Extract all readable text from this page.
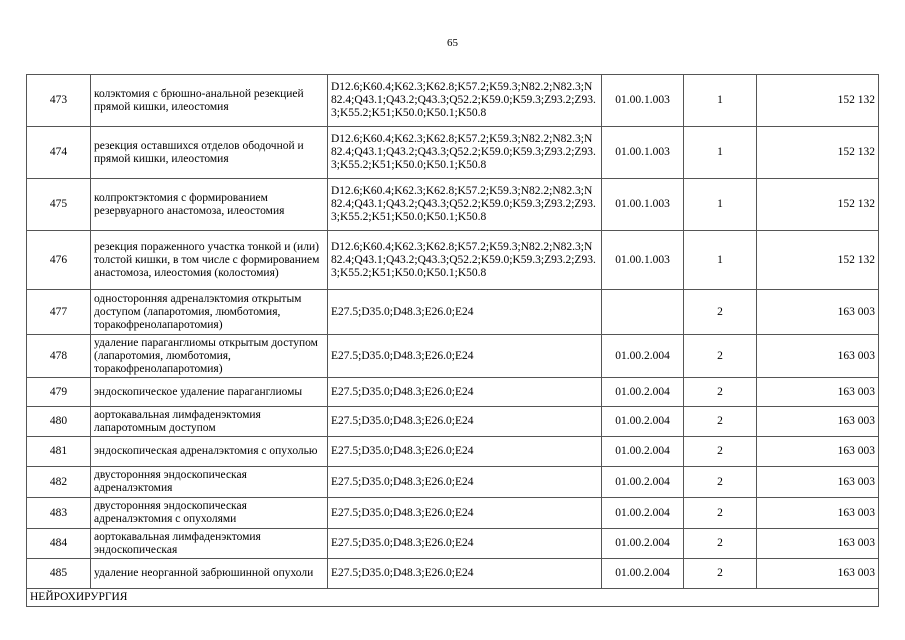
65
473	колэктомия с брюшно-анальной резекцией прямой кишки, илеостомия	D12.6;K60.4;K62.3;K62.8;K57.2;K59.3;N82.2;N82.3;N82.4;Q43.1;Q43.2;Q43.3;Q52.2;K59.0;K59.3;Z93.2;Z93.3;K55.2;K51;K50.0;K50.1;K50.8	01.00.1.003	1	152 132
474	резекция оставшихся отделов ободочной и прямой кишки, илеостомия	D12.6;K60.4;K62.3;K62.8;K57.2;K59.3;N82.2;N82.3;N82.4;Q43.1;Q43.2;Q43.3;Q52.2;K59.0;K59.3;Z93.2;Z93.3;K55.2;K51;K50.0;K50.1;K50.8	01.00.1.003	1	152 132
475	колпроктэктомия с формированием резервуарного анастомоза, илеостомия	D12.6;K60.4;K62.3;K62.8;K57.2;K59.3;N82.2;N82.3;N82.4;Q43.1;Q43.2;Q43.3;Q52.2;K59.0;K59.3;Z93.2;Z93.3;K55.2;K51;K50.0;K50.1;K50.8	01.00.1.003	1	152 132
476	резекция пораженного участка тонкой и (или) толстой кишки, в том числе с формированием анастомоза, илеостомия (колостомия)	D12.6;K60.4;K62.3;K62.8;K57.2;K59.3;N82.2;N82.3;N82.4;Q43.1;Q43.2;Q43.3;Q52.2;K59.0;K59.3;Z93.2;Z93.3;K55.2;K51;K50.0;K50.1;K50.8	01.00.1.003	1	152 132
477	односторонняя адреналэктомия открытым доступом (лапаротомия, люмботомия, торакофренолапаротомия)	E27.5;D35.0;D48.3;E26.0;E24		2	163 003
478	удаление параганглиомы открытым доступом (лапаротомия, люмботомия, торакофренолапаротомия)	E27.5;D35.0;D48.3;E26.0;E24	01.00.2.004	2	163 003
479	эндоскопическое удаление параганглиомы	E27.5;D35.0;D48.3;E26.0;E24	01.00.2.004	2	163 003
480	аортокавальная лимфаденэктомия лапаротомным доступом	E27.5;D35.0;D48.3;E26.0;E24	01.00.2.004	2	163 003
481	эндоскопическая адреналэктомия с опухолью	E27.5;D35.0;D48.3;E26.0;E24	01.00.2.004	2	163 003
482	двусторонняя эндоскопическая адреналэктомия	E27.5;D35.0;D48.3;E26.0;E24	01.00.2.004	2	163 003
483	двусторонняя эндоскопическая адреналэктомия с опухолями	E27.5;D35.0;D48.3;E26.0;E24	01.00.2.004	2	163 003
484	аортокавальная лимфаденэктомия эндоскопическая	E27.5;D35.0;D48.3;E26.0;E24	01.00.2.004	2	163 003
485	удаление неорганной забрюшинной опухоли	E27.5;D35.0;D48.3;E26.0;E24	01.00.2.004	2	163 003
НЕЙРОХИРУРГИЯ					
